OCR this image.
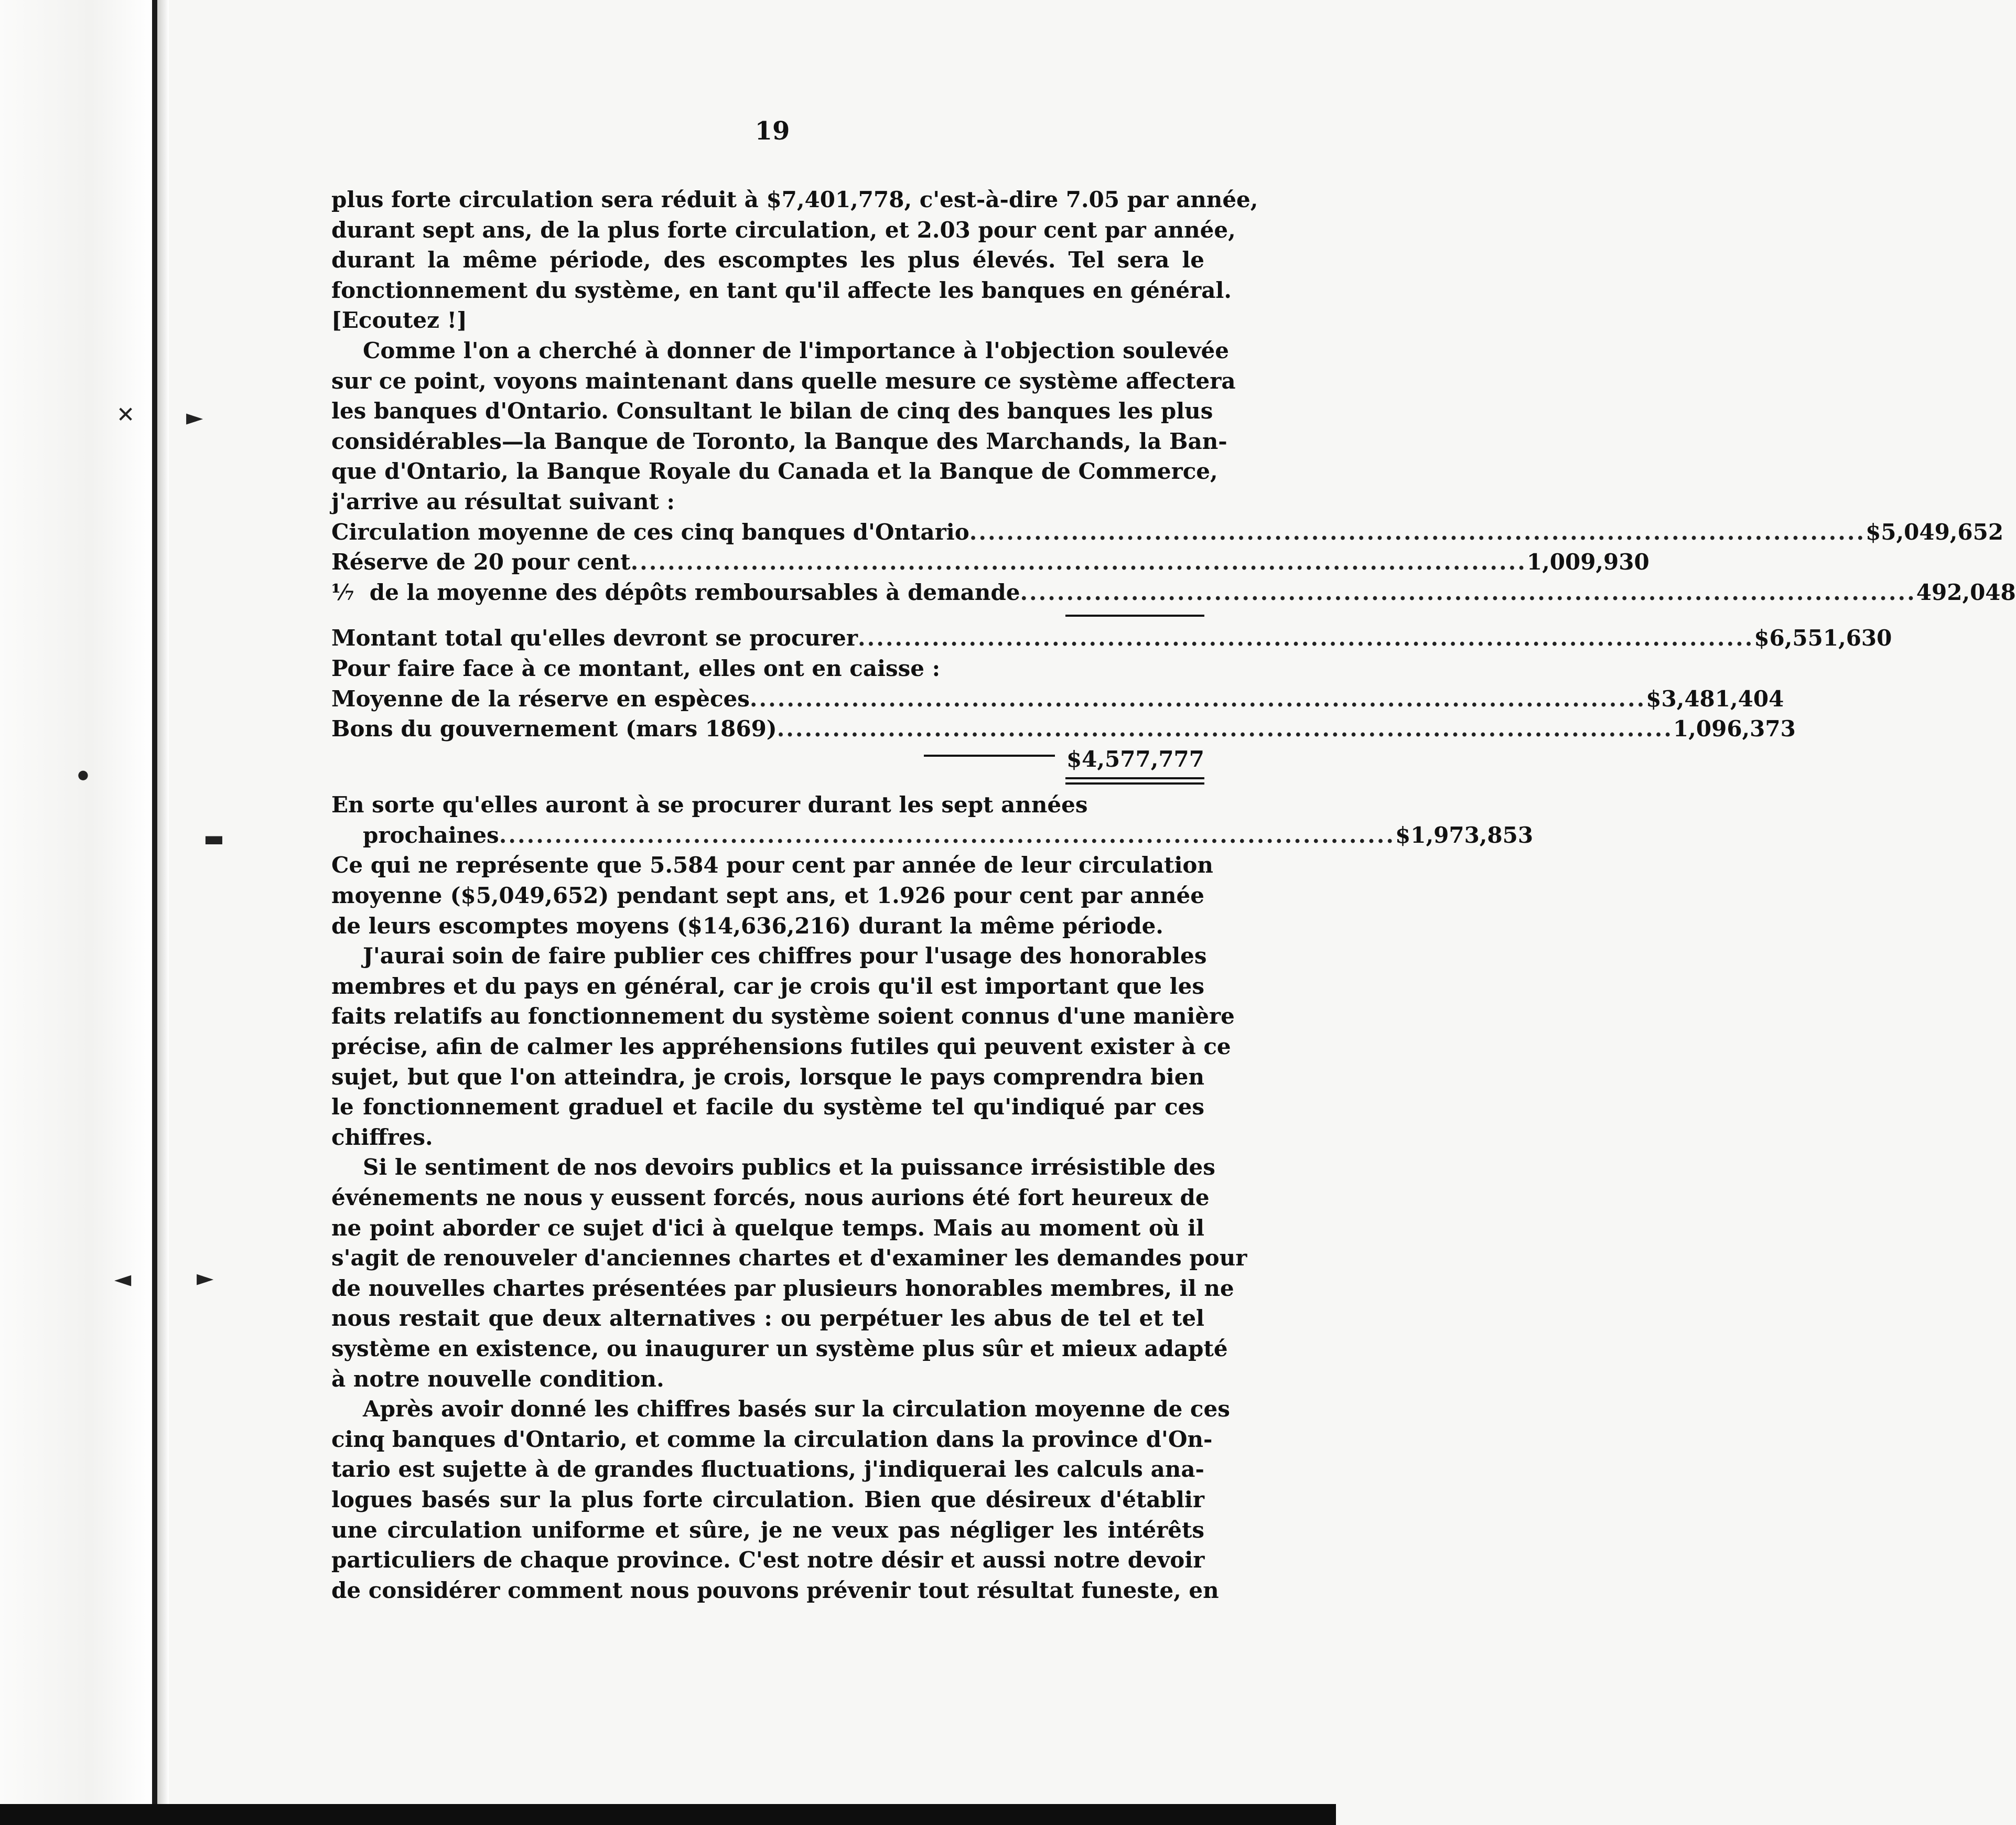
✕ ►
●
▬
◄	►
19
plus forte circulation sera réduit à $7,401,778, c'est-à-dire 7.05 par année,
durant sept ans, de la plus forte circulation, et 2.03 pour cent par année,
durant la même période, des escomptes les plus élevés. Tel sera le
fonctionnement du système, en tant qu'il affecte les banques en général.
[Ecoutez !]
Comme l'on a cherché à donner de l'importance à l'objection soulevée
sur ce point, voyons maintenant dans quelle mesure ce système affectera
les banques d'Ontario. Consultant le bilan de cinq des banques les plus
considérables—la Banque de Toronto, la Banque des Marchands, la Ban-
que d'Ontario, la Banque Royale du Canada et la Banque de Commerce,
j'arrive au résultat suivant :
Circulation moyenne de ces cinq banques d'Ontario ................................................................................................. $5,049,652
Réserve de 20 pour cent ................................................................................................. 1,009,930
⅐ de la moyenne des dépôts remboursables à demande ................................................................................................. 492,048
Montant total qu'elles devront se procurer ................................................................................................. $6,551,630
Pour faire face à ce montant, elles ont en caisse :
Moyenne de la réserve en espèces ................................................................................................. $3,481,404
Bons du gouvernement (mars 1869) ................................................................................................. 1,096,373
$4,577,777
En sorte qu'elles auront à se procurer durant les sept années
prochaines ................................................................................................. $1,973,853
Ce qui ne représente que 5.584 pour cent par année de leur circulation
moyenne ($5,049,652) pendant sept ans, et 1.926 pour cent par année
de leurs escomptes moyens ($14,636,216) durant la même période.
J'aurai soin de faire publier ces chiffres pour l'usage des honorables
membres et du pays en général, car je crois qu'il est important que les
faits relatifs au fonctionnement du système soient connus d'une manière
précise, afin de calmer les appréhensions futiles qui peuvent exister à ce
sujet, but que l'on atteindra, je crois, lorsque le pays comprendra bien
le fonctionnement graduel et facile du système tel qu'indiqué par ces
chiffres.
Si le sentiment de nos devoirs publics et la puissance irrésistible des
événements ne nous y eussent forcés, nous aurions été fort heureux de
ne point aborder ce sujet d'ici à quelque temps. Mais au moment où il
s'agit de renouveler d'anciennes chartes et d'examiner les demandes pour
de nouvelles chartes présentées par plusieurs honorables membres, il ne
nous restait que deux alternatives : ou perpétuer les abus de tel et tel
système en existence, ou inaugurer un système plus sûr et mieux adapté
à notre nouvelle condition.
Après avoir donné les chiffres basés sur la circulation moyenne de ces
cinq banques d'Ontario, et comme la circulation dans la province d'On-
tario est sujette à de grandes fluctuations, j'indiquerai les calculs ana-
logues basés sur la plus forte circulation. Bien que désireux d'établir
une circulation uniforme et sûre, je ne veux pas négliger les intérêts
particuliers de chaque province. C'est notre désir et aussi notre devoir
de considérer comment nous pouvons prévenir tout résultat funeste, en
